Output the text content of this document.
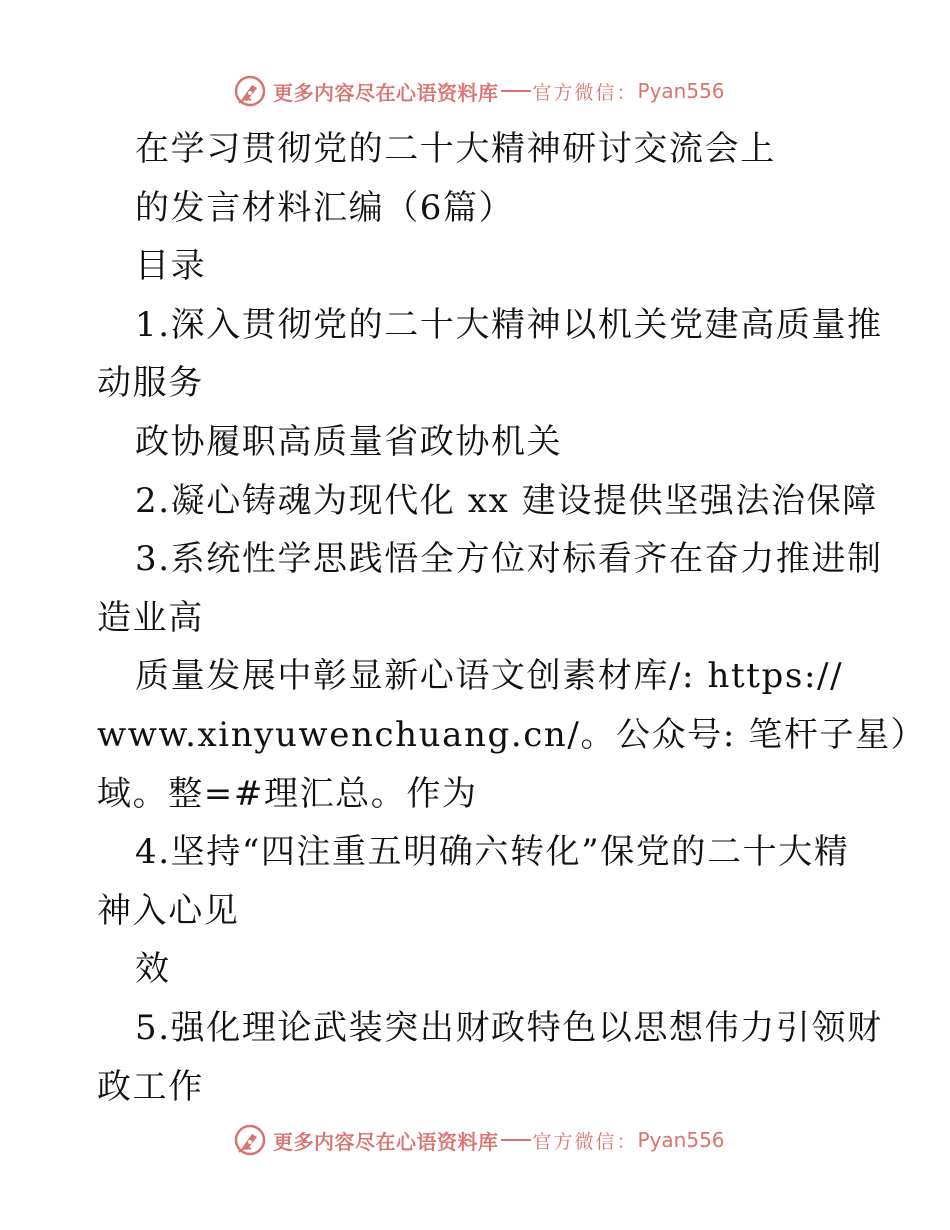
更多内容尽在心语资料库 官方微信： Pyan556
在学习贯彻党的二十大精神研讨交流会上
的发言材料汇编（6篇）
目录
1.深入贯彻党的二十大精神以机关党建高质量推
动服务
政协履职高质量省政协机关
2.凝心铸魂为现代化 xx 建设提供坚强法治保障
3.系统性学思践悟全方位对标看齐在奋力推进制
造业高
质量发展中彰显新心语文创素材库/: https://
www.xinyuwenchuang.cn/。公众号: 笔杆子星）
域。整=#理汇总。作为
4.坚持“四注重五明确六转化”保党的二十大精
神入心见
效
5.强化理论武装突出财政特色以思想伟力引领财
政工作
更多内容尽在心语资料库 官方微信： Pyan556
